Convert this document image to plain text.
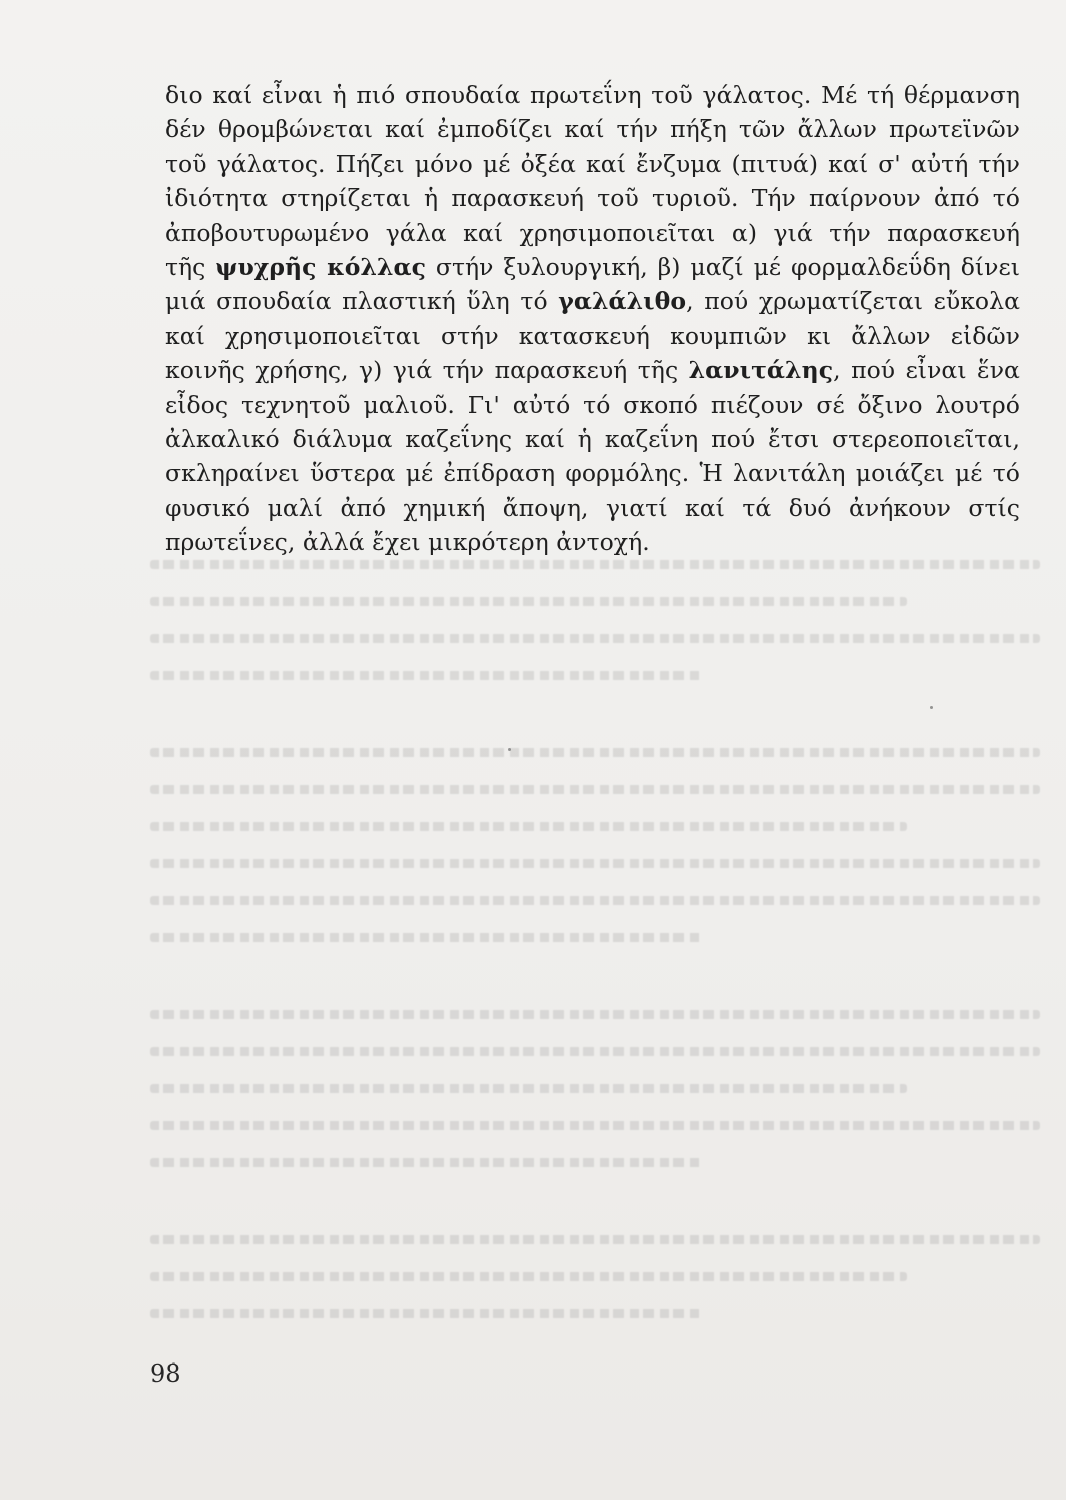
διο καί εἶναι ἡ πιό σπουδαία πρωτεΐνη τοῦ γάλατος. Μέ τή θέρμανση
δέν θρομβώνεται καί ἐμποδίζει καί τήν πήξη τῶν ἄλλων πρωτεϊνῶν
τοῦ γάλατος. Πήζει μόνο μέ ὀξέα καί ἔνζυμα (πιτυά) καί σ' αὐτή τήν
ἰδιότητα στηρίζεται ἡ παρασκευή τοῦ τυριοῦ. Τήν παίρνουν ἀπό τό
ἀποβουτυρωμένο γάλα καί χρησιμοποιεῖται α) γιά τήν παρασκευή
τῆς ψυχρῆς κόλλας στήν ξυλουργική, β) μαζί μέ φορμαλδεΰδη δίνει
μιά σπουδαία πλαστική ὕλη τό γαλάλιθο, πού χρωματίζεται εὔκολα
καί χρησιμοποιεῖται στήν κατασκευή κουμπιῶν κι ἄλλων εἰδῶν
κοινῆς χρήσης, γ) γιά τήν παρασκευή τῆς λανιτάλης, πού εἶναι ἕνα
εἶδος τεχνητοῦ μαλιοῦ. Γι' αὐτό τό σκοπό πιέζουν σέ ὄξινο λουτρό
ἀλκαλικό διάλυμα καζεΐνης καί ἡ καζεΐνη πού ἔτσι στερεοποιεῖται,
σκληραίνει ὕστερα μέ ἐπίδραση φορμόλης. Ἡ λανιτάλη μοιάζει μέ τό
φυσικό μαλί ἀπό χημική ἄποψη, γιατί καί τά δυό ἀνήκουν στίς
πρωτεΐνες, ἀλλά ἔχει μικρότερη ἀντοχή.
98
